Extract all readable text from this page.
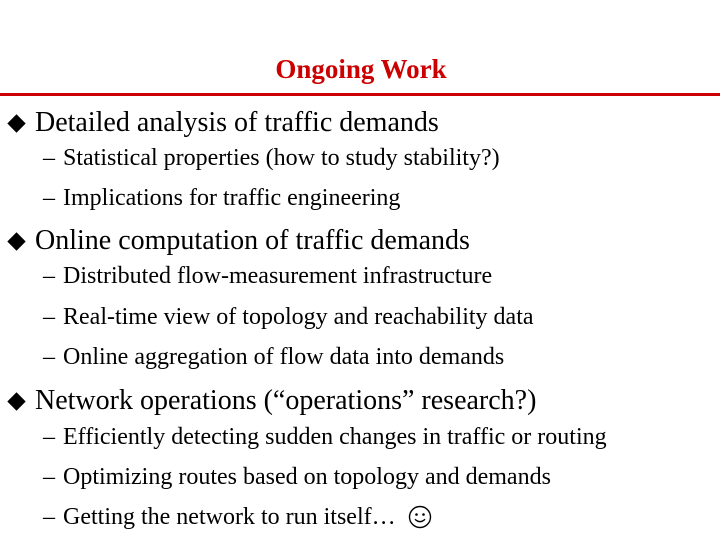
Ongoing Work
Detailed analysis of traffic demands
– Statistical properties (how to study stability?)
– Implications for traffic engineering
Online computation of traffic demands
– Distributed flow-measurement infrastructure
– Real-time view of topology and reachability data
– Online aggregation of flow data into demands
Network operations (“operations” research?)
– Efficiently detecting sudden changes in traffic or routing
– Optimizing routes based on topology and demands
– Getting the network to run itself…
